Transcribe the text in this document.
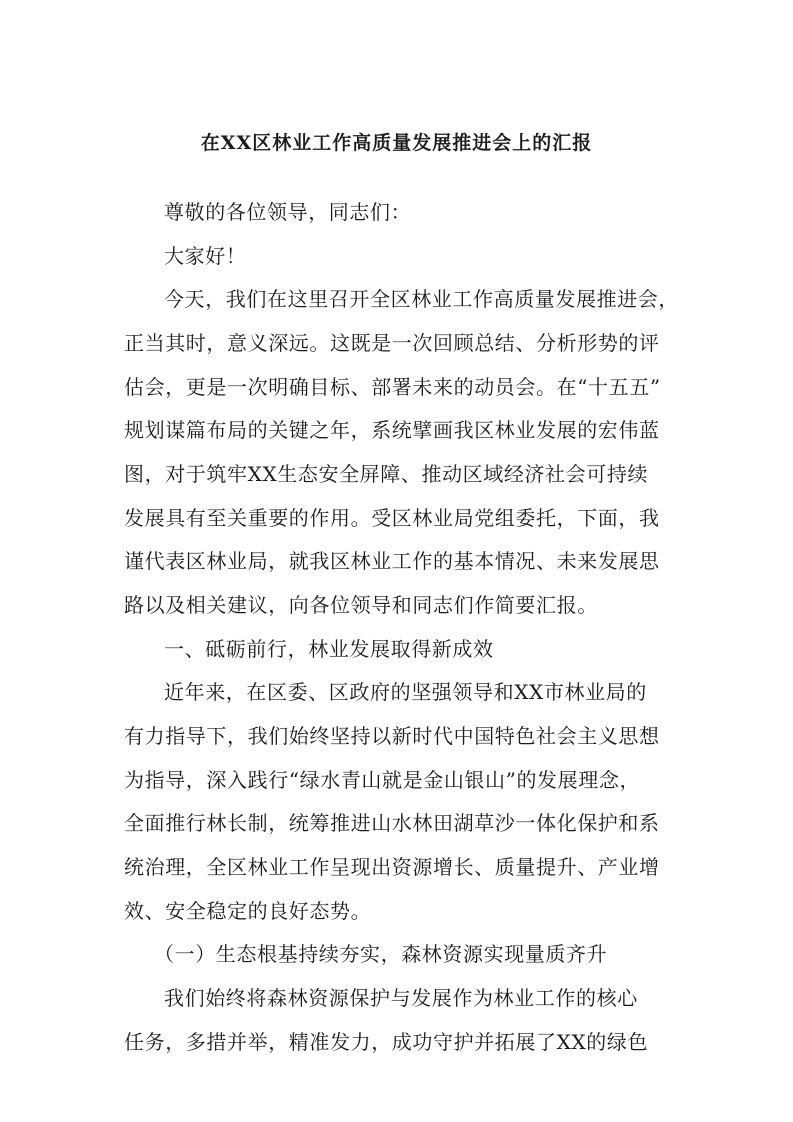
在XX区林业工作高质量发展推进会上的汇报

尊敬的各位领导，同志们：

大家好！

今天，我们在这里召开全区林业工作高质量发展推进会，

正当其时，意义深远。这既是一次回顾总结、分析形势的评

估会，更是一次明确目标、部署未来的动员会。在“十五五”

规划谋篇布局的关键之年，系统擘画我区林业发展的宏伟蓝

图，对于筑牢XX生态安全屏障、推动区域经济社会可持续

发展具有至关重要的作用。受区林业局党组委托，下面，我

谨代表区林业局，就我区林业工作的基本情况、未来发展思

路以及相关建议，向各位领导和同志们作简要汇报。

一、砥砺前行，林业发展取得新成效

近年来，在区委、区政府的坚强领导和XX市林业局的

有力指导下，我们始终坚持以新时代中国特色社会主义思想

为指导，深入践行“绿水青山就是金山银山”的发展理念，

全面推行林长制，统筹推进山水林田湖草沙一体化保护和系

统治理，全区林业工作呈现出资源增长、质量提升、产业增

效、安全稳定的良好态势。

（一）生态根基持续夯实，森林资源实现量质齐升

我们始终将森林资源保护与发展作为林业工作的核心

任务，多措并举，精准发力，成功守护并拓展了XX的绿色
